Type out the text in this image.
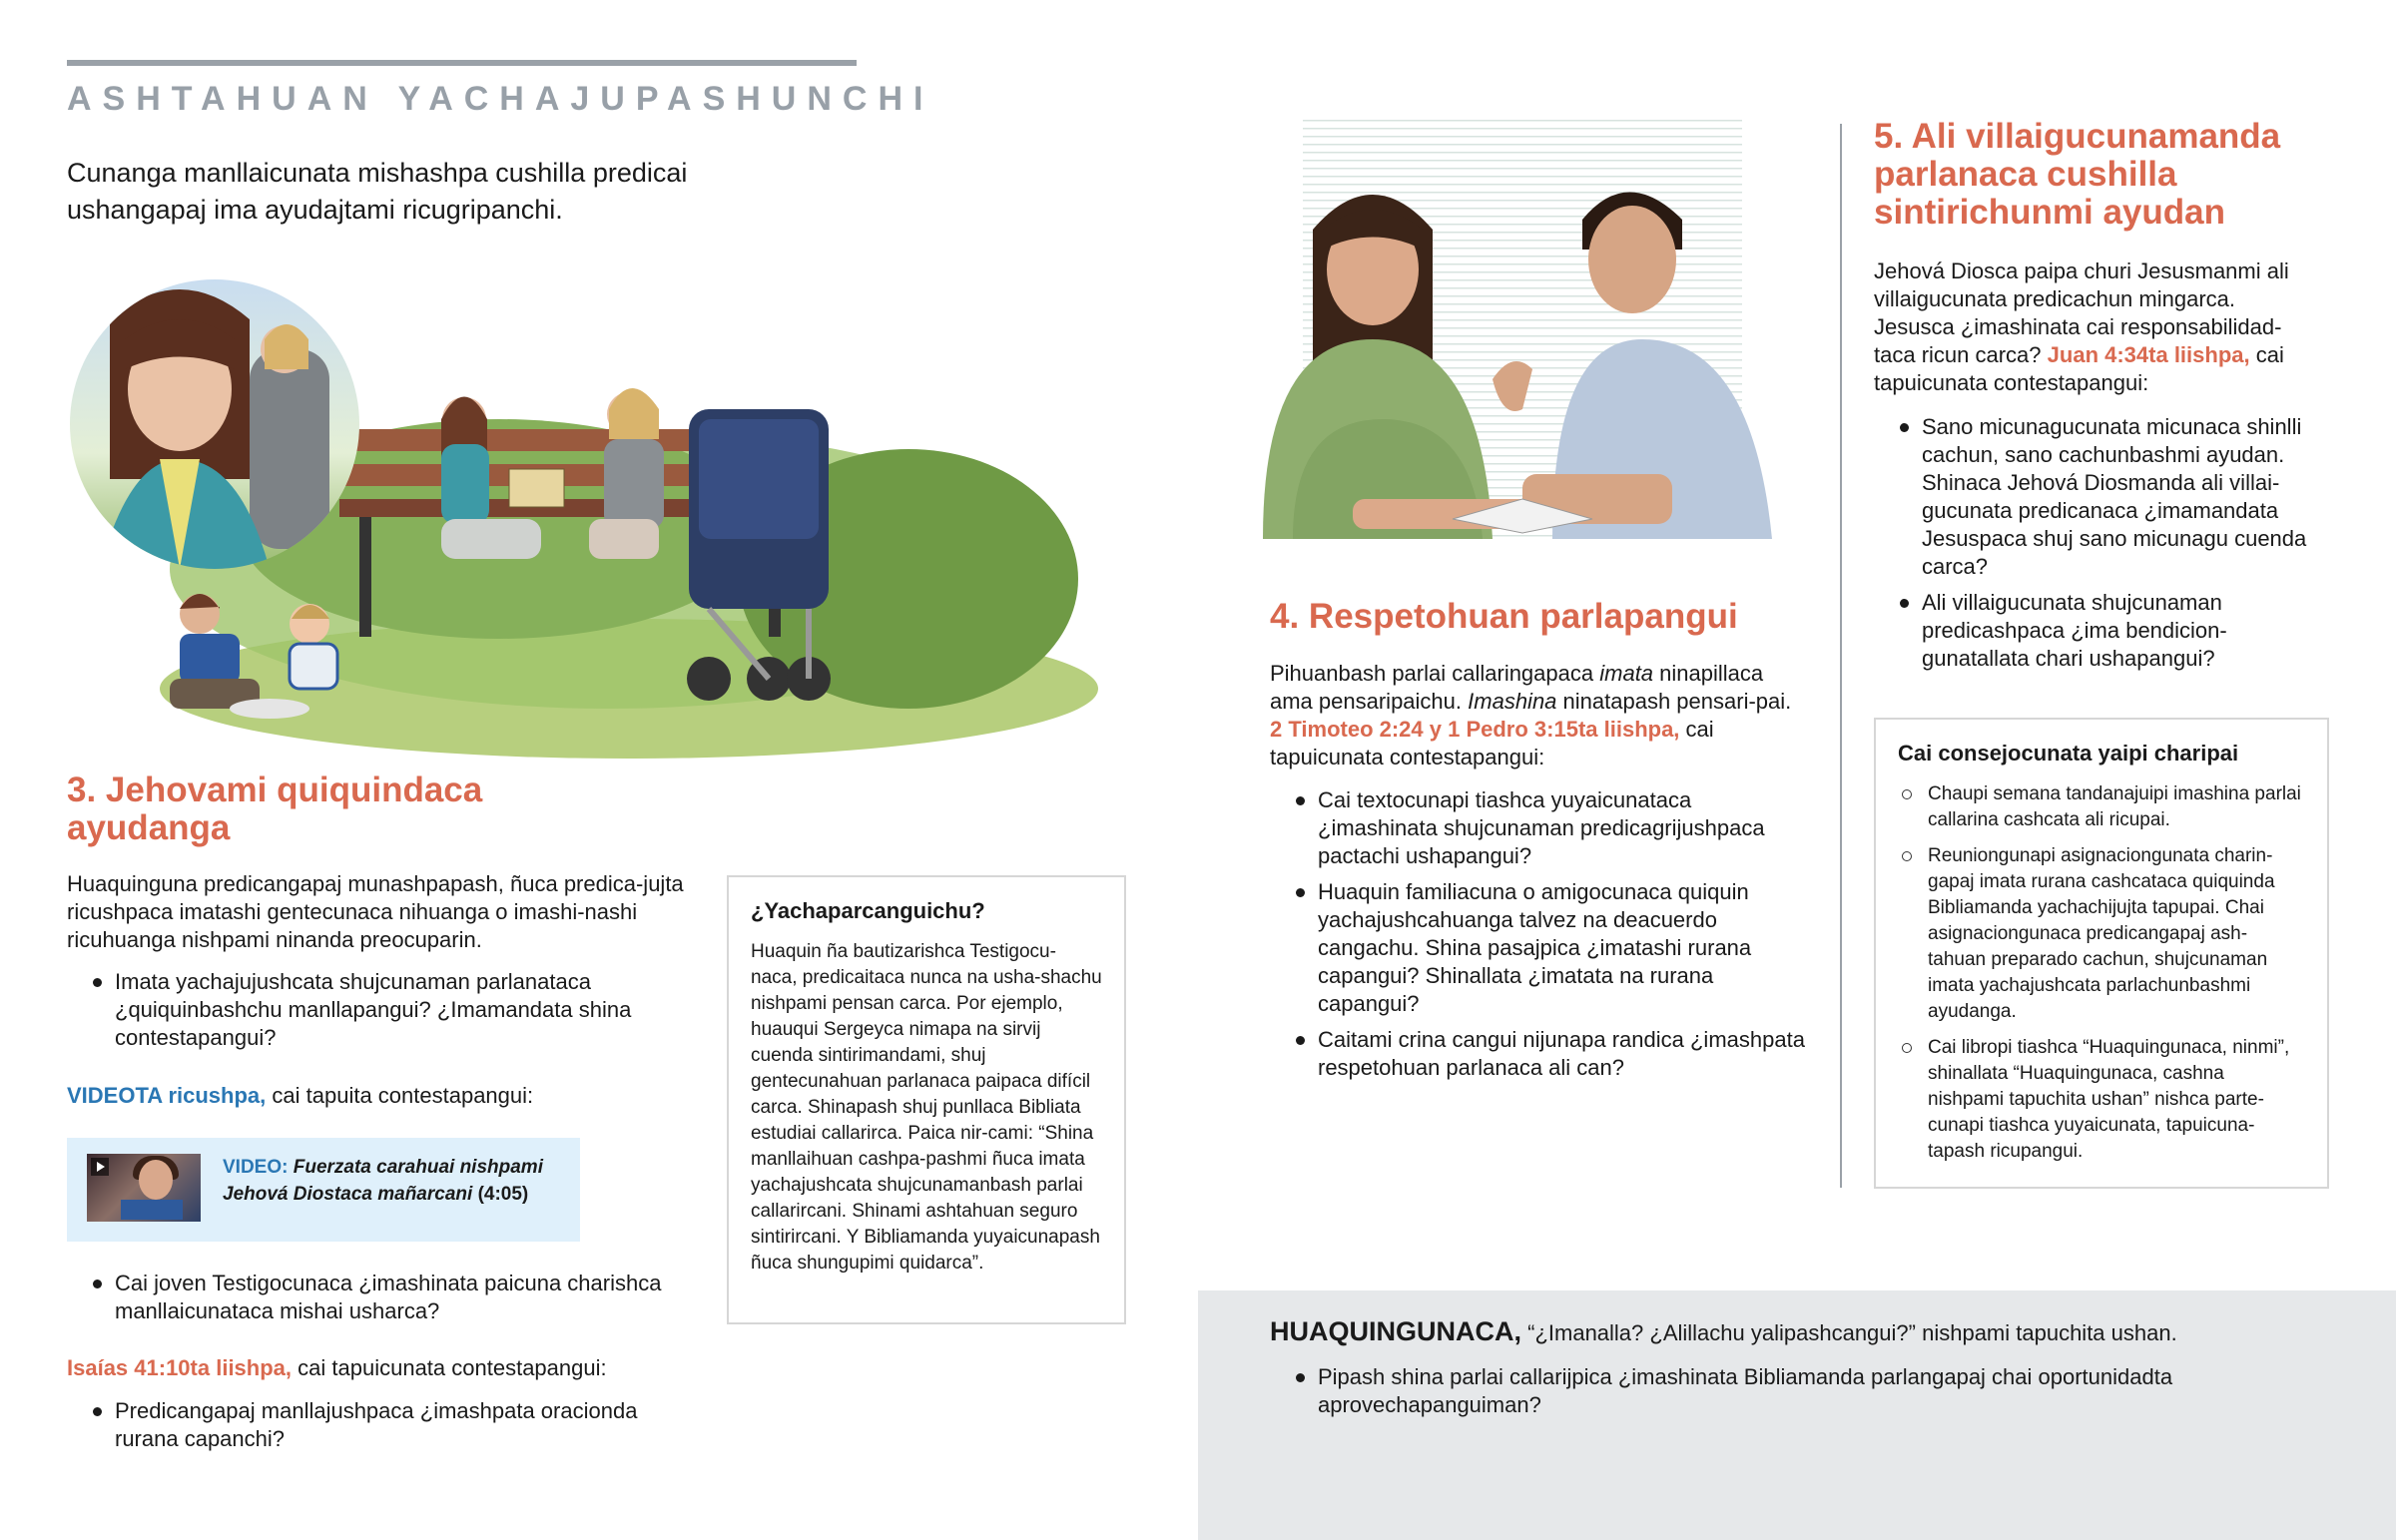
ASHTAHUAN YACHAJUPASHUNCHI
Cunanga manllaicunata mishashpa cushilla predicai ushangapaj ima ayudajtami ricugripanchi.
3. Jehovami quiquindaca ayudanga
Huaquinguna predicangapaj munashpapash, ñuca predica-jujta ricushpaca imatashi gentecunaca nihuanga o imashi-nashi ricuhuanga nishpami ninanda preocuparin.
Imata yachajujushcata shujcunaman parlanataca ¿quiquinbashchu manllapangui? ¿Imamandata shina contestapangui?
VIDEOTA ricushpa, cai tapuita contestapangui:
VIDEO: Fuerzata carahuai nishpami Jehová Diostaca mañarcani (4:05)
Cai joven Testigocunaca ¿imashinata paicuna charishca manllaicunataca mishai usharca?
Isaías 41:10ta liishpa, cai tapuicunata contestapangui:
Predicangapaj manllajushpaca ¿imashpata oracionda rurana capanchi?
¿Yachaparcanguichu?
Huaquin ña bautizarishca Testigocu-naca, predicaitaca nunca na usha-shachu nishpami pensan carca. Por ejemplo, huauqui Sergeyca nimapa na sirvij cuenda sintirimandami, shuj gentecunahuan parlanaca paipaca difícil carca. Shinapash shuj punllaca Bibliata estudiai callarirca. Paica nir-cami: “Shina manllaihuan cashpa-pashmi ñuca imata yachajushcata shujcunamanbash parlai callarircani. Shinami ashtahuan seguro sintirircani. Y Bibliamanda yuyaicunapash ñuca shungupimi quidarca”.
4. Respetohuan parlapangui
Pihuanbash parlai callaringapaca imata ninapillaca ama pensaripaichu. Imashina ninatapash pensari-pai. 2 Timoteo 2:24 y 1 Pedro 3:15ta liishpa, cai tapuicunata contestapangui:
Cai textocunapi tiashca yuyaicunataca ¿imashinata shujcunaman predicagrijushpaca pactachi ushapangui?
Huaquin familiacuna o amigocunaca quiquin yachajushcahuanga talvez na deacuerdo cangachu. Shina pasajpica ¿imatashi rurana capangui? Shinallata ¿imatata na rurana capangui?
Caitami crina cangui nijunapa randica ¿imashpata respetohuan parlanaca ali can?
5. Ali villaigucunamanda parlanaca cushilla sintirichunmi ayudan
Jehová Diosca paipa churi Jesusmanmi ali villaigucunata predicachun mingarca. Jesusca ¿imashinata cai responsabilidad-taca ricun carca? Juan 4:34ta liishpa, cai tapuicunata contestapangui:
Sano micunagucunata micunaca shinlli cachun, sano cachunbashmi ayudan. Shinaca Jehová Diosmanda ali villai-gucunata predicanaca ¿imamandata Jesuspaca shuj sano micunagu cuenda carca?
Ali villaigucunata shujcunaman predicashpaca ¿ima bendicion-gunatallata chari ushapangui?
Cai consejocunata yaipi charipai
Chaupi semana tandanajuipi imashina parlai callarina cashcata ali ricupai.
Reuniongunapi asignaciongunata charin-gapaj imata rurana cashcataca quiquinda Bibliamanda yachachijujta tapupai. Chai asignaciongunaca predicangapaj ash-tahuan preparado cachun, shujcunaman imata yachajushcata parlachunbashmi ayudanga.
Cai libropi tiashca “Huaquingunaca, ninmi”, shinallata “Huaquingunaca, cashna nishpami tapuchita ushan” nishca parte-cunapi tiashca yuyaicunata, tapuicuna-tapash ricupangui.
HUAQUINGUNACA, “¿Imanalla? ¿Alillachu yalipashcangui?” nishpami tapuchita ushan.
Pipash shina parlai callarijpica ¿imashinata Bibliamanda parlangapaj chai oportunidadta aprovechapanguiman?
